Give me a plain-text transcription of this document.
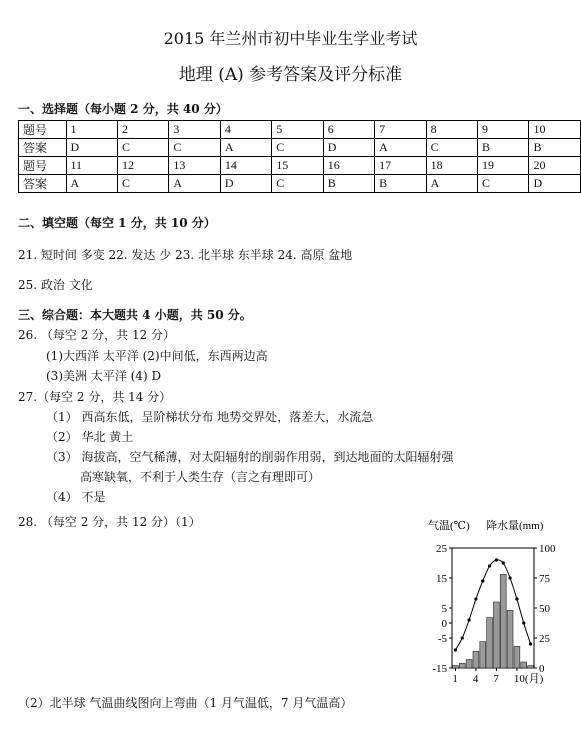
2015 年兰州市初中毕业生学业考试
地理 (A) 参考答案及评分标准
一、选择题（每小题 2 分，共 40 分）
题号	1	2	3	4	5	6	7	8	9	10
答案	D	C	C	A	C	D	A	C	B	B
题号	11	12	13	14	15	16	17	18	19	20
答案	A	C	A	D	C	B	B	A	C	D
二、填空题（每空 1 分，共 10 分）
21. 短时间 多变 22. 发达 少 23. 北半球 东半球 24. 高原 盆地
25. 政治 文化
三、综合题：本大题共 4 小题，共 50 分。
26. （每空 2 分，共 12 分）
(1)大西洋 太平洋 (2)中间低，东西两边高
(3)美洲 太平洋 (4) D
27.（每空 2 分，共 14 分）
（1） 西高东低，呈阶梯状分布 地势交界处，落差大，水流急
（2） 华北 黄土
（3） 海拔高，空气稀薄，对太阳辐射的削弱作用弱，到达地面的太阳辐射强
高寒缺氧，不利于人类生存（言之有理即可）
（4） 不是
28. （每空 2 分，共 12 分）（1）
（2）北半球 气温曲线图向上弯曲（1 月气温低，7 月气温高）
气温(℃) 降水量(mm)
25
15
5
0
-5
-15
100
75
50
25
0
1 4 7 10(月)
